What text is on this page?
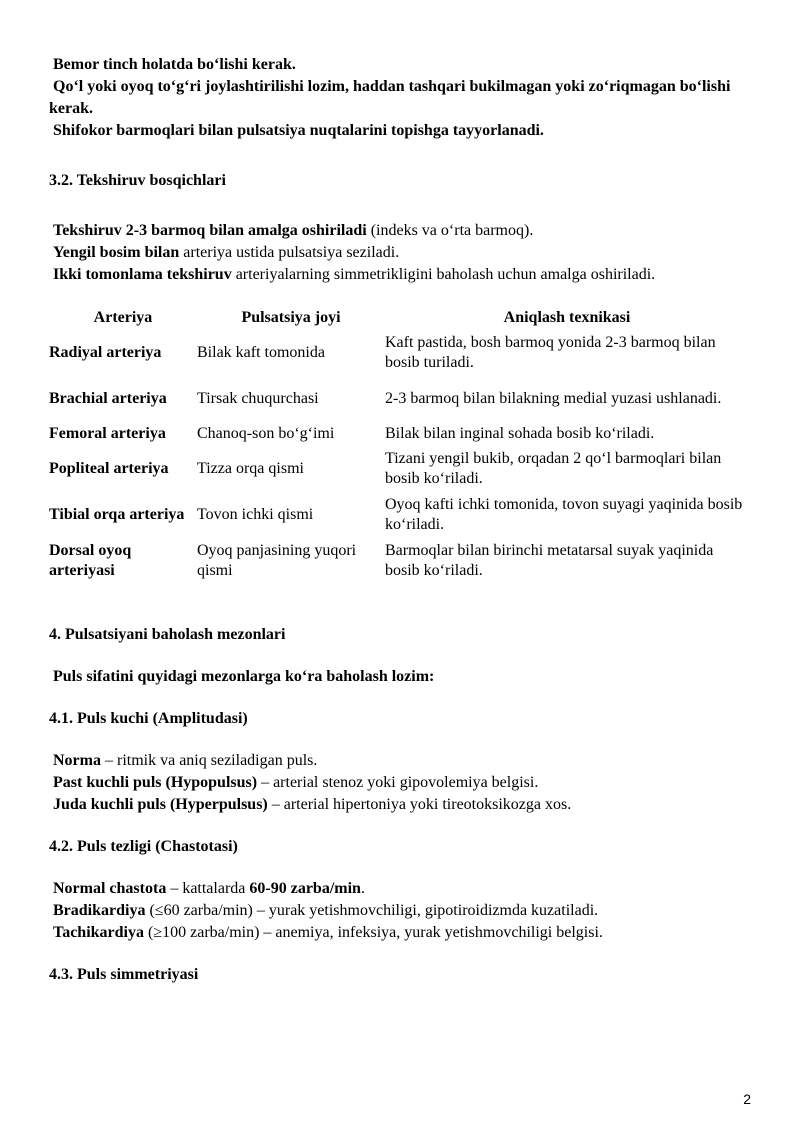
Bemor tinch holatda bo‘lishi kerak.

Qo‘l yoki oyoq to‘g‘ri joylashtirilishi lozim, haddan tashqari bukilmagan yoki zo‘riqmagan bo‘lishi kerak.

Shifokor barmoqlari bilan pulsatsiya nuqtalarini topishga tayyorlanadi.

3.2. Tekshiruv bosqichlari

Tekshiruv 2-3 barmoq bilan amalga oshiriladi (indeks va o‘rta barmoq).

Yengil bosim bilan arteriya ustida pulsatsiya seziladi.

Ikki tomonlama tekshiruv arteriyalarning simmetrikligini baholash uchun amalga oshiriladi.

Arteriya	Pulsatsiya joyi	Aniqlash texnikasi
Radiyal arteriya	Bilak kaft tomonida	Kaft pastida, bosh barmoq yonida 2-3 barmoq bilan bosib turiladi.
Brachial arteriya	Tirsak chuqurchasi	2-3 barmoq bilan bilakning medial yuzasi ushlanadi.
Femoral arteriya	Chanoq-son bo‘g‘imi	Bilak bilan inginal sohada bosib ko‘riladi.
Popliteal arteriya	Tizza orqa qismi	Tizani yengil bukib, orqadan 2 qo‘l barmoqlari bilan bosib ko‘riladi.
Tibial orqa arteriya	Tovon ichki qismi	Oyoq kafti ichki tomonida, tovon suyagi yaqinida bosib ko‘riladi.
Dorsal oyoq arteriyasi	Oyoq panjasining yuqori qismi	Barmoqlar bilan birinchi metatarsal suyak yaqinida bosib ko‘riladi.
4. Pulsatsiyani baholash mezonlari

Puls sifatini quyidagi mezonlarga ko‘ra baholash lozim:

4.1. Puls kuchi (Amplitudasi)

Norma – ritmik va aniq seziladigan puls.

Past kuchli puls (Hypopulsus) – arterial stenoz yoki gipovolemiya belgisi.

Juda kuchli puls (Hyperpulsus) – arterial hipertoniya yoki tireotoksikozga xos.

4.2. Puls tezligi (Chastotasi)

Normal chastota – kattalarda 60-90 zarba/min.

Bradikardiya (≤60 zarba/min) – yurak yetishmovchiligi, gipotiroidizmda kuzatiladi.

Tachikardiya (≥100 zarba/min) – anemiya, infeksiya, yurak yetishmovchiligi belgisi.

4.3. Puls simmetriyasi
2
